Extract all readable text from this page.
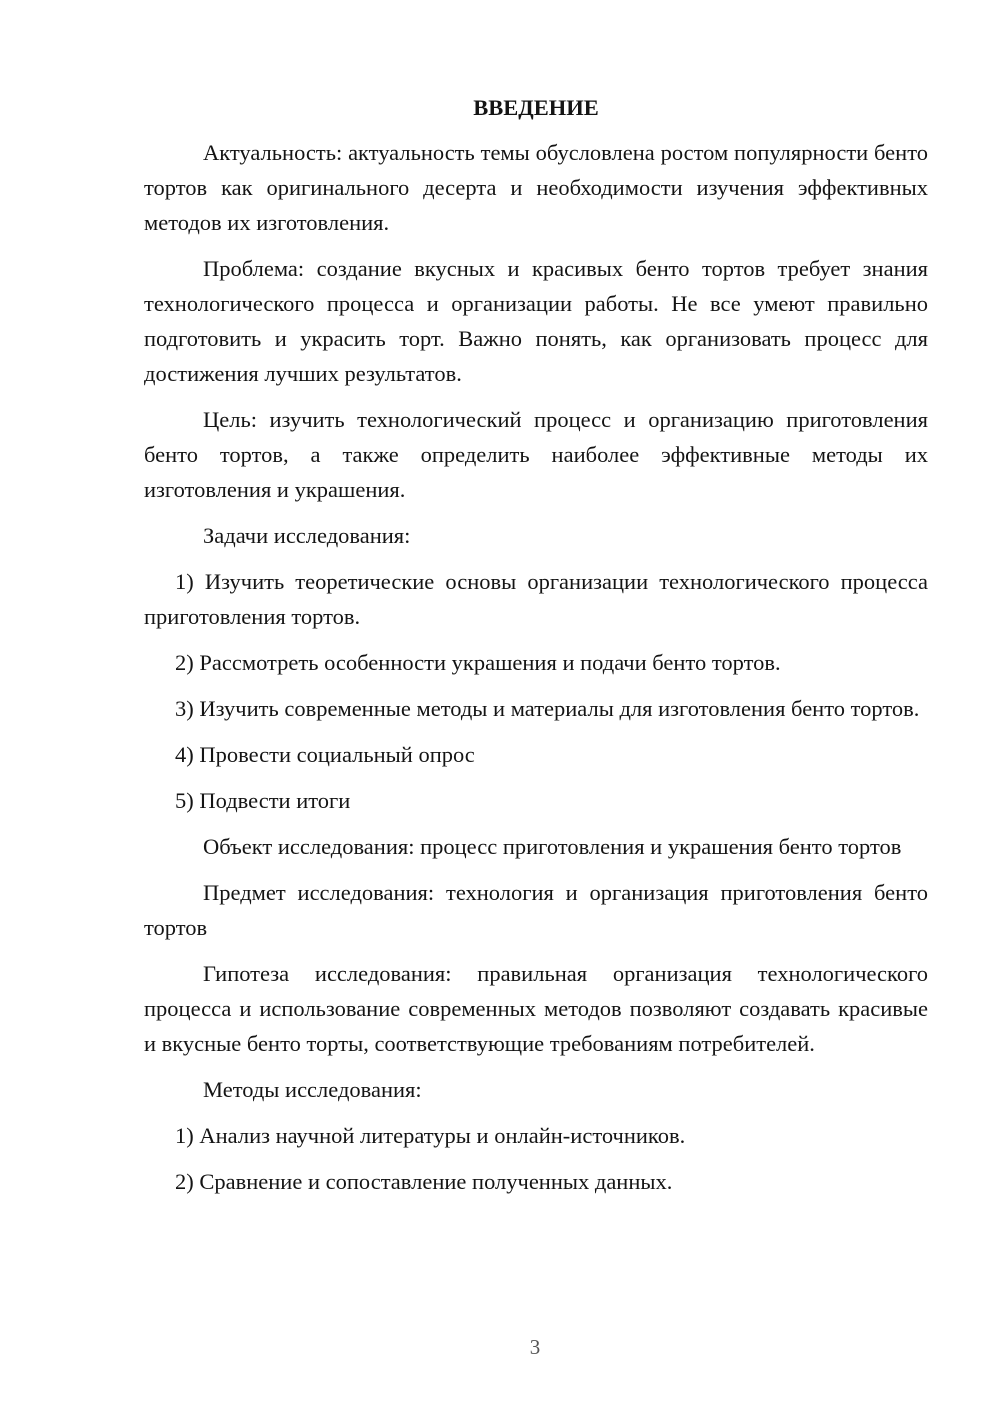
ВВЕДЕНИЕ

Актуальность: актуальность темы обусловлена ростом популярности бенто тортов как оригинального десерта и необходимости изучения эффективных методов их изготовления.

Проблема: создание вкусных и красивых бенто тортов требует знания технологического процесса и организации работы. Не все умеют правильно подготовить и украсить торт. Важно понять, как организовать процесс для достижения лучших результатов.

Цель: изучить технологический процесс и организацию приготовления бенто тортов, а также определить наиболее эффективные методы их изготовления и украшения.

Задачи исследования:

1) Изучить теоретические основы организации технологического процесса приготовления тортов.

2) Рассмотреть особенности украшения и подачи бенто тортов.

3) Изучить современные методы и материалы для изготовления бенто тортов.

4) Провести социальный опрос

5) Подвести итоги

Объект исследования: процесс приготовления и украшения бенто тортов

Предмет исследования: технология и организация приготовления бенто тортов

Гипотеза исследования: правильная организация технологического процесса и использование современных методов позволяют создавать красивые и вкусные бенто торты, соответствующие требованиям потребителей.

Методы исследования:

1) Анализ научной литературы и онлайн-источников.

2) Сравнение и сопоставление полученных данных.

3
